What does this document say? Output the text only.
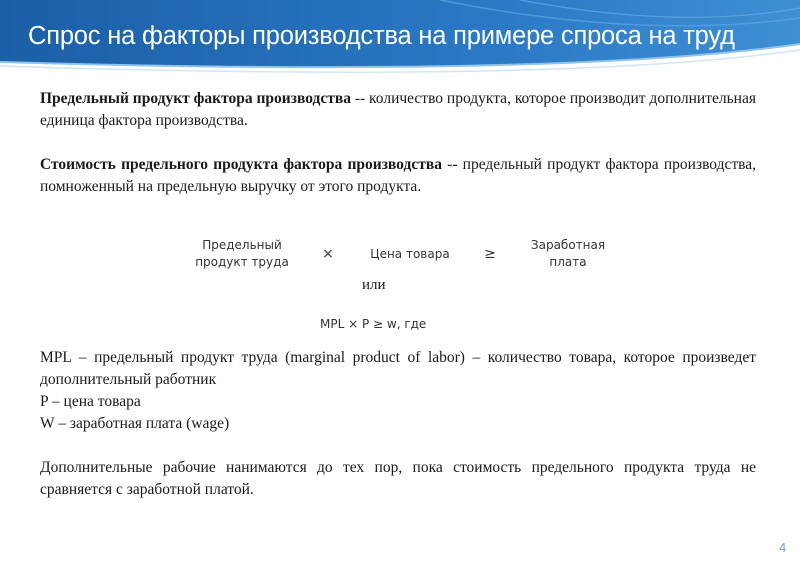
Спрос на факторы производства на примере спроса на труд

Предельный продукт фактора производства -- количество продукта, которое производит дополнительная единица фактора производства.

Стоимость предельного продукта фактора производства -- предельный продукт фактора производства, помноженный на предельную выручку от этого продукта.

Предельный
продукт труда	×	Цена товара	≥
Заработная
плата
или
MPL × P ≥ w, где

MPL – предельный продукт труда (marginal product of labor) – количество товара, которое произведет дополнительный работник

P – цена товара

W – заработная плата (wage)

Дополнительные рабочие нанимаются до тех пор, пока стоимость предельного продукта труда не сравняется с заработной платой.

4
